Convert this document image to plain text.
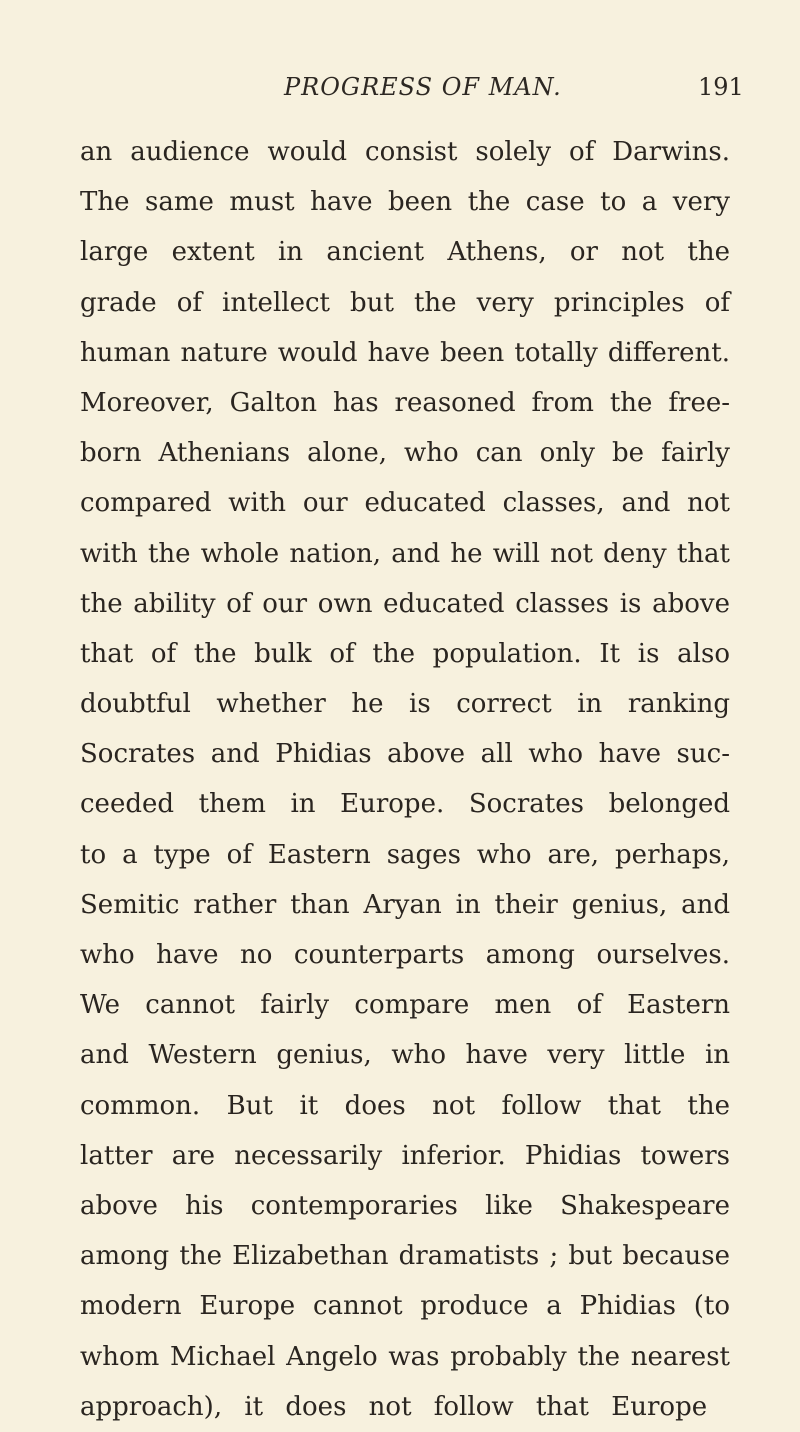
PROGRESS OF MAN.	191
an audience would consist solely of Darwins.
The same must have been the case to a very
large extent in ancient Athens, or not the
grade of intellect but the very principles of
human nature would have been totally different.
Moreover, Galton has reasoned from the free-
born Athenians alone, who can only be fairly
compared with our educated classes, and not
with the whole nation, and he will not deny that
the ability of our own educated classes is above
that of the bulk of the population. It is also
doubtful whether he is correct in ranking
Socrates and Phidias above all who have suc-
ceeded them in Europe. Socrates belonged
to a type of Eastern sages who are, perhaps,
Semitic rather than Aryan in their genius, and
who have no counterparts among ourselves.
We cannot fairly compare men of Eastern
and Western genius, who have very little in
common. But it does not follow that the
latter are necessarily inferior. Phidias towers
above his contemporaries like Shakespeare
among the Elizabethan dramatists ; but because
modern Europe cannot produce a Phidias (to
whom Michael Angelo was probably the nearest
approach), it does not follow that Europe
